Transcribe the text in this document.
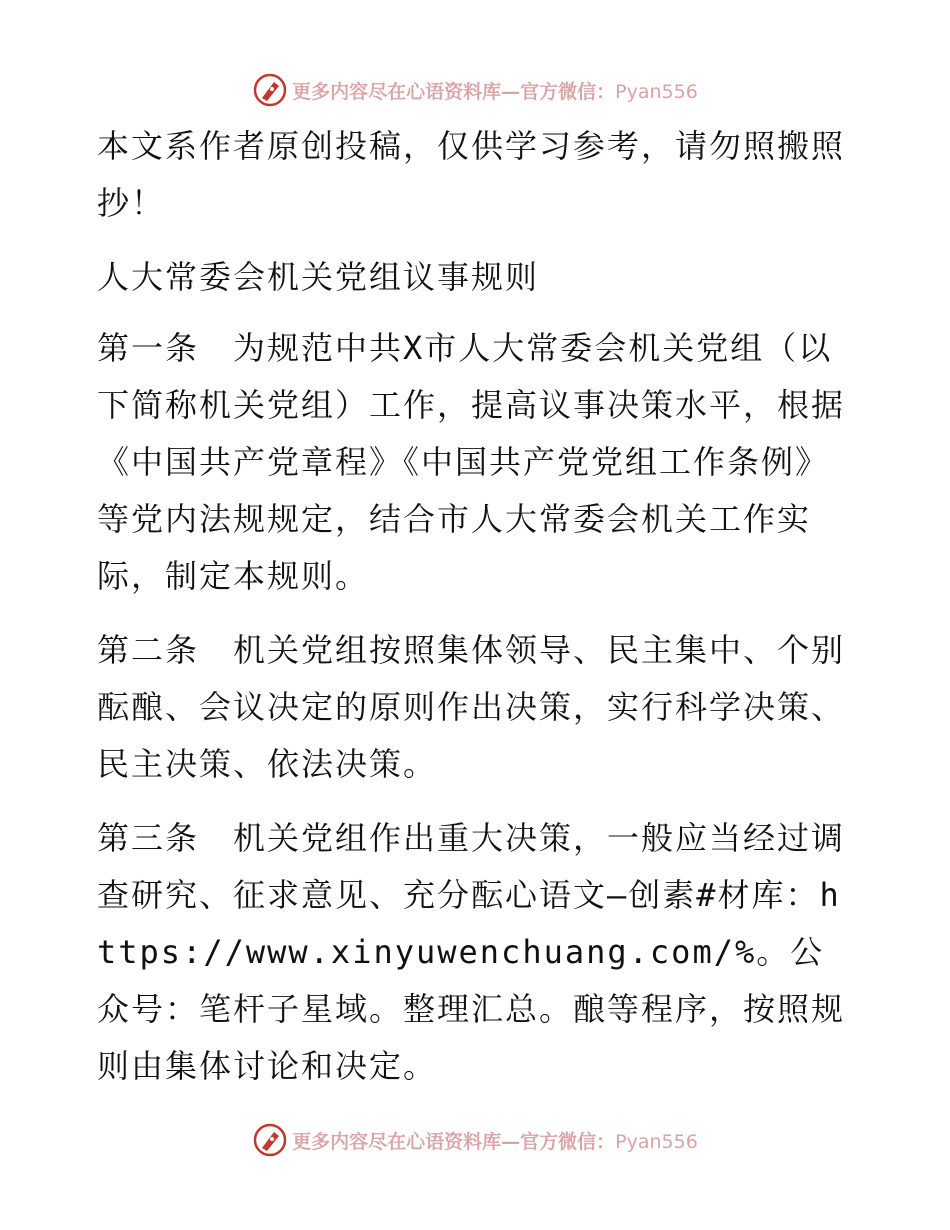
更多内容尽在心语资料库—官方微信：Pyan556

本文系作者原创投稿，仅供学习参考，请勿照搬照抄！

人大常委会机关党组议事规则

第一条　为规范中共X市人大常委会机关党组（以下简称机关党组）工作，提高议事决策水平，根据《中国共产党章程》《中国共产党党组工作条例》等党内法规规定，结合市人大常委会机关工作实际，制定本规则。

第二条　机关党组按照集体领导、民主集中、个别酝酿、会议决定的原则作出决策，实行科学决策、民主决策、依法决策。

第三条　机关党组作出重大决策，一般应当经过调查研究、征求意见、充分酝心语文—创素#材库：https://www.xinyuwenchuang.com/%。公众号：笔杆子星域。整理汇总。酿等程序，按照规则由集体讨论和决定。

更多内容尽在心语资料库—官方微信：Pyan556
